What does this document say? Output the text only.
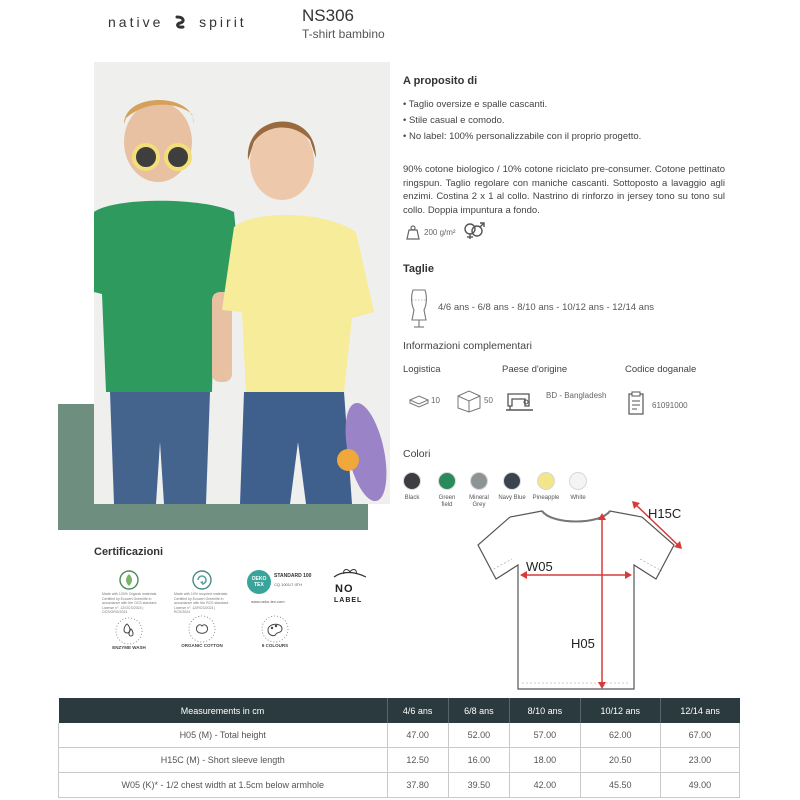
native	spirit	NS306
T-shirt bambino
A proposito di
• Taglio oversize e spalle cascanti.
• Stile casual e comodo.
• No label: 100% personalizzabile con il proprio progetto.
90% cotone biologico / 10% cotone riciclato pre-consumer. Cotone pettinato ringspun. Taglio regolare con maniche cascanti. Sottoposto a lavaggio agli enzimi. Costina 2 x 1 al collo. Nastrino di rinforzo in jersey tono su tono sul collo. Doppia impuntura a fondo.
200 g/m²
Taglie
4/6 ans - 6/8 ans - 8/10 ans - 10/12 ans - 12/14 ans
Informazioni complementari
Logistica	Paese d'origine	Codice doganale
10	50
BD - Bangladesh
61091000
Colori
Black	Green field
Mineral Grey
Navy Blue	Pineapple	White
H15C
W05
H05
Certificazioni
Made with 100% Organic materials. Certified by Ecocert Greenlife in accordance with the OCS standard. License n°: 12/OCS/2024 | OCS/ORG/2024
Made with 10% recycled materials. Certified by Ecocert Greenlife in accordance with the RCS standard. License n°: 12/RCS/2024 | RCS/2024
OEKO TEX
STANDARD 100
CQ 1001/7 IITH
www.oeko-tex.com
NO
LABEL
ENZYME WASH	ORGANIC COTTON	6 COLOURS
Measurements in cm	4/6 ans	6/8 ans	8/10 ans	10/12 ans	12/14 ans
H05 (M) - Total height	47.00	52.00	57.00	62.00	67.00
H15C (M) - Short sleeve length	12.50	16.00	18.00	20.50	23.00
W05 (K)* - 1/2 chest width at 1.5cm below armhole	37.80	39.50	42.00	45.50	49.00
